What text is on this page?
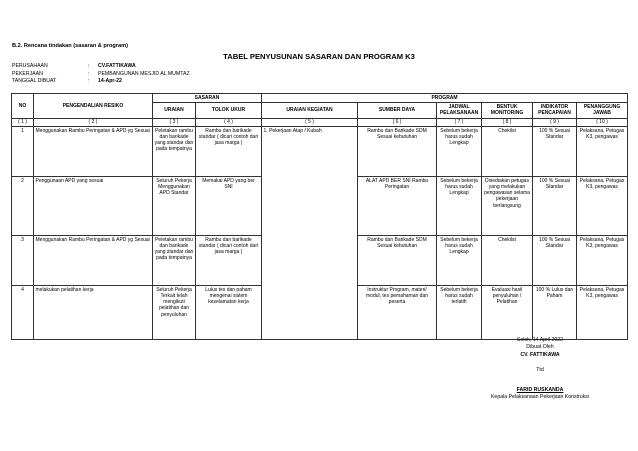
B.2. Rencana tindakan (sasaran & program)
TABEL PENYUSUNAN SASARAN DAN PROGRAM K3
PERUSAHAAN	:	CV.FATTIKAWA
PEKERJAAN	:	PEMBANGUNAN MESJID AL MUMTAZ
TANGGAL DIBUAT	:	14-Apr-22
NO	PENGENDALIAN RESIKO	SASARAN		PROGRAM					
		URAIAN	TOLOK UKUR	URAIAN KEGIATAN	SUMBER DAYA	JADWAL PELAKSANAAN	BENTUK MONITORING	INDIKATOR PENCAPAIAN	PENANGGUNG JAWAB
( 1 )	( 2 )	( 3 )	( 4 )	( 5 )	( 6 )	( 7 )	( 8 )	( 9 )	( 10 )
1	Menggunakan Rambu Peringatan & APD yg Sesuai	Peletakan rambu dan barikade yang standar dan pada tempatnya	Rambu dan barikade standar ( dicari contoh dari jasa marga )	1. Pekerjaan Atap / Kubah	Rambu dan Barikade SDM Sesuai kebutuhan	Sebelum bekerja harus sudah Lengkap	Chekilst	100 % Sesuai Standar	Pelaksana, Petugas K3, pengawas
2	Penggunaan APD yang sesuai	Seluruh Pekerja Menggunakan APD Standar	Memakai APD yang ber SNI		ALAT APD BER SNI Rambu Peringatan	Sebelum bekerja harus sudah Lengkap	Disediakan petugas yang melakukan pengawasan selama pekerjaan berlangsung	100 % Sesuai Standar	Pelaksana, Petugas K3, pengawas
3	Menggunakan Rambu Peringatan & APD yg Sesuai	Peletakan rambu dan barikade yang standar dan pada tempatnya	Rambu dan barikade standar ( dicari contoh dari jasa marga )		Rambu dan Barikade SDM Sesuai kebutuhan	Sebelum bekerja harus sudah Lengkap	Chekilst	100 % Sesuai Standar	Pelaksana, Petugas K3, pengawas
4	melakukan pelatihan kerja	Seluruh Pekerja Terkait telah mengikuti pelatihan dan penyuluhan	Lulus tes dan paham mengenai sistem keselamatan kerja		Instruktur Program, materi/ modul, tes pemahaman dan peserta	Sebelum bekerja harus sudah terlatih	Evaluasi hasil penyuluhan / Pelatihan	100 % Lulus dan Paham	Pelaksana, Petugas K3, pengawas
Solok, 14 April 2022
Dibuat Oleh
CV. FATTIKAWA
Ttd
FARID RUSKANDA
Kepala Pelaksanaan Pekerjaan Konstruksi
